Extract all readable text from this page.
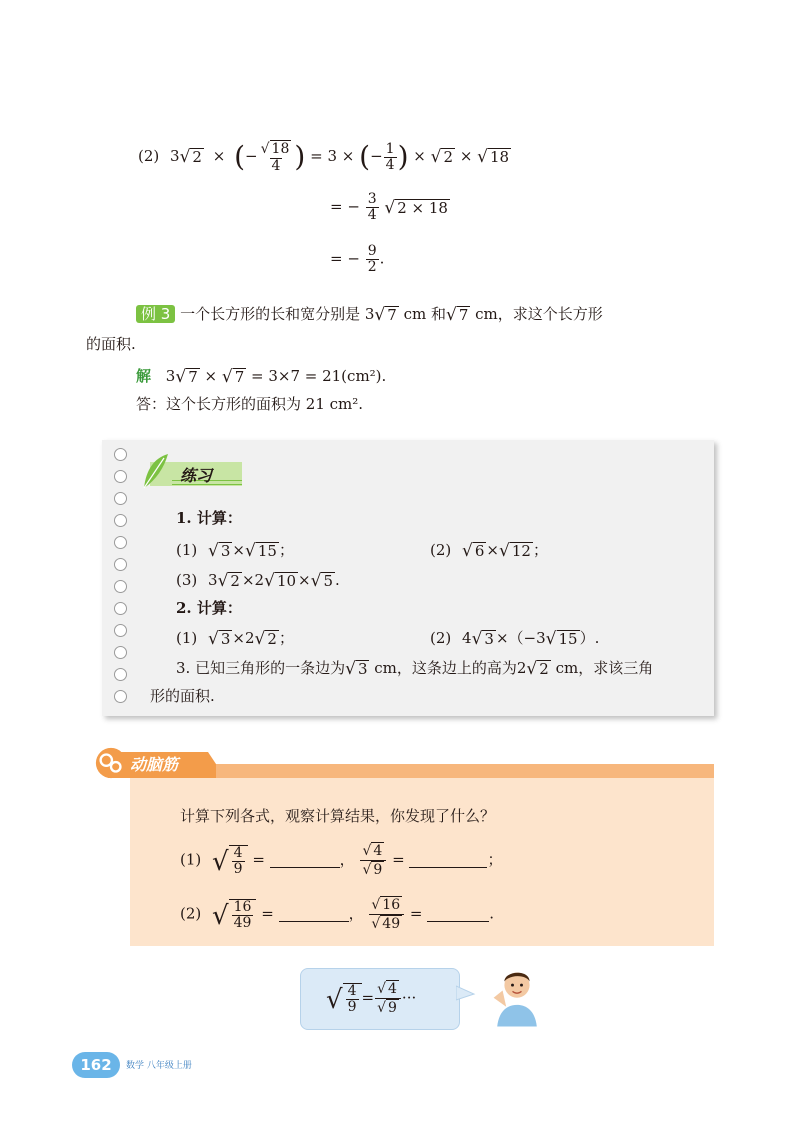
(2) 3 √ 2 × (− $\frac{√ 18}{4}$ ) = 3 × (− $\frac{1}{4}$ ) × √ 2 × √ 18
= − $\frac{3}{4}$
√ 2 × 18
= − $\frac{9}{2}$ .
例 3 一个长方形的长和宽分别是 3 √ 7 cm 和 √ 7 cm，求这个长方形
的面积.
解 3 √ 7 × √ 7 = 3×7 = 21(cm²).
答：这个长方形的面积为 21 cm².
练习
1. 计算：
(1) √ 3 × √ 15 ；	(2) √ 6 × √ 12 ；
(3) 3 √ 2 ×2 √ 10 × √ 5 .
2. 计算：
(1) √ 3 ×2 √ 2 ；	(2) 4 √ 3 ×（−3 √ 15 ）.
3. 已知三角形的一条边为 √ 3 cm，这条边上的高为2 √ 2 cm，求该三角
形的面积.
动脑筋
计算下列各式，观察计算结果，你发现了什么？
(1) √ $\frac{4}{9}$ =	， $\frac{√ 4}{√ 9}$ =	；
(2) √ $\frac{16}{49}$ =	， $\frac{√ 16}{√ 49}$ =	.
√ $\frac{4}{9} = \frac{√ 4}{√ 9}$ ···
162	数学 八年级上册
